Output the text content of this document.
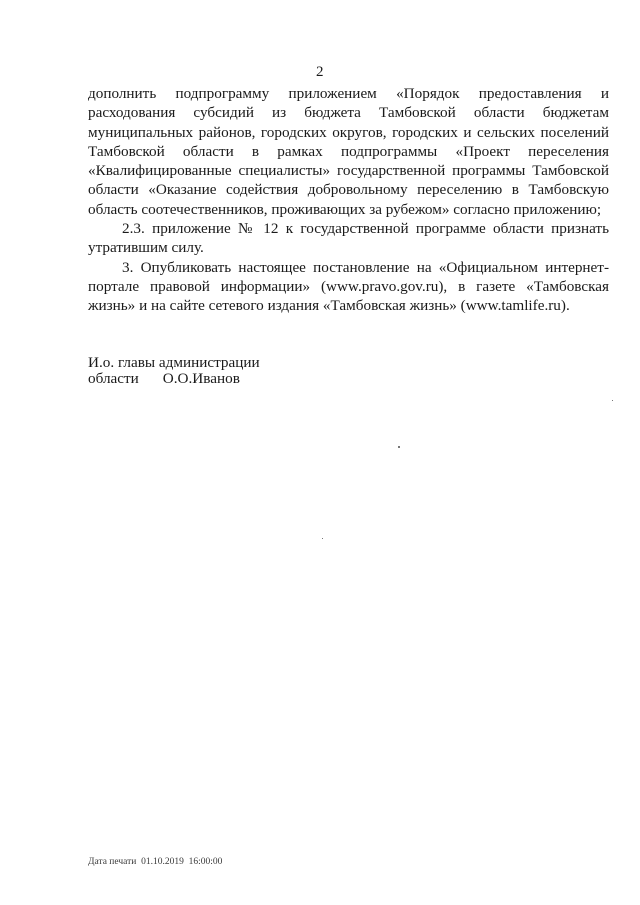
2

дополнить подпрограмму приложением «Порядок предоставления и расходования субсидий из бюджета Тамбовской области бюджетам муниципальных районов, городских округов, городских и сельских поселений Тамбовской области в рамках подпрограммы «Проект переселения «Квалифицированные специалисты» государственной программы Тамбовской области «Оказание содействия добровольному переселению в Тамбовскую область соотечественников, проживающих за рубежом» согласно приложению;

2.3. приложение № 12 к государственной программе области признать утратившим силу.

3. Опубликовать настоящее постановление на «Официальном интернет-портале правовой информации» (www.pravo.gov.ru), в газете «Тамбовская жизнь» и на сайте сетевого издания «Тамбовская жизнь» (www.tamlife.ru).

И.о. главы администрации
области О.О.Иванов
Дата печати  01.10.2019  16:00:00
